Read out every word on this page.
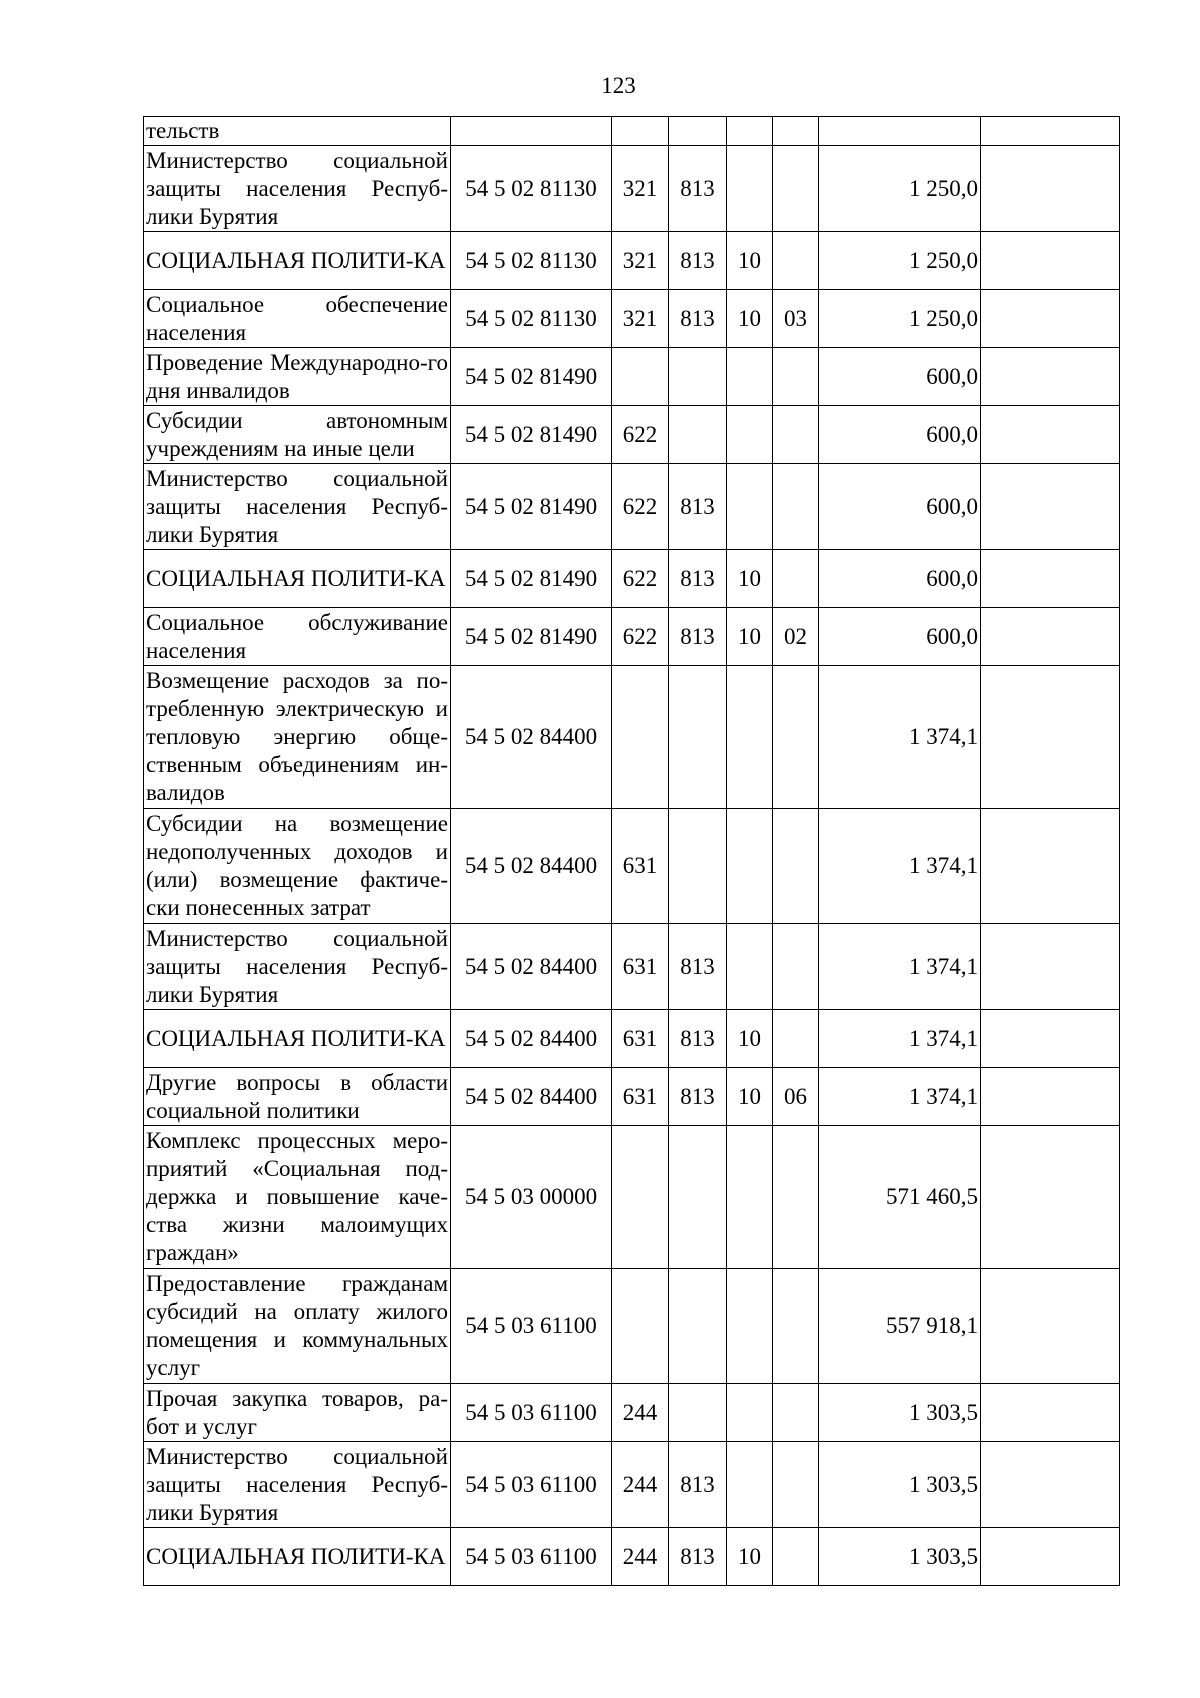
123
тельств							
Министерство социальной защиты населения Респуб-лики Бурятия	54 5 02 81130	321	813			1 250,0	
СОЦИАЛЬНАЯ ПОЛИТИ-КА	54 5 02 81130	321	813	10		1 250,0	
Социальное обеспечение населения	54 5 02 81130	321	813	10	03	1 250,0	
Проведение Международно-го дня инвалидов	54 5 02 81490					600,0	
Субсидии автономным учреждениям на иные цели	54 5 02 81490	622				600,0	
Министерство социальной защиты населения Респуб-лики Бурятия	54 5 02 81490	622	813			600,0	
СОЦИАЛЬНАЯ ПОЛИТИ-КА	54 5 02 81490	622	813	10		600,0	
Социальное обслуживание населения	54 5 02 81490	622	813	10	02	600,0	
Возмещение расходов за по-требленную электрическую и тепловую энергию обще-ственным объединениям ин-валидов	54 5 02 84400					1 374,1	
Субсидии на возмещение недополученных доходов и (или) возмещение фактиче-ски понесенных затрат	54 5 02 84400	631				1 374,1	
Министерство социальной защиты населения Респуб-лики Бурятия	54 5 02 84400	631	813			1 374,1	
СОЦИАЛЬНАЯ ПОЛИТИ-КА	54 5 02 84400	631	813	10		1 374,1	
Другие вопросы в области социальной политики	54 5 02 84400	631	813	10	06	1 374,1	
Комплекс процессных меро-приятий «Социальная под-держка и повышение каче-ства жизни малоимущих граждан»	54 5 03 00000					571 460,5	
Предоставление гражданам субсидий на оплату жилого помещения и коммунальных услуг	54 5 03 61100					557 918,1	
Прочая закупка товаров, ра-бот и услуг	54 5 03 61100	244				1 303,5	
Министерство социальной защиты населения Респуб-лики Бурятия	54 5 03 61100	244	813			1 303,5	
СОЦИАЛЬНАЯ ПОЛИТИ-КА	54 5 03 61100	244	813	10		1 303,5	
